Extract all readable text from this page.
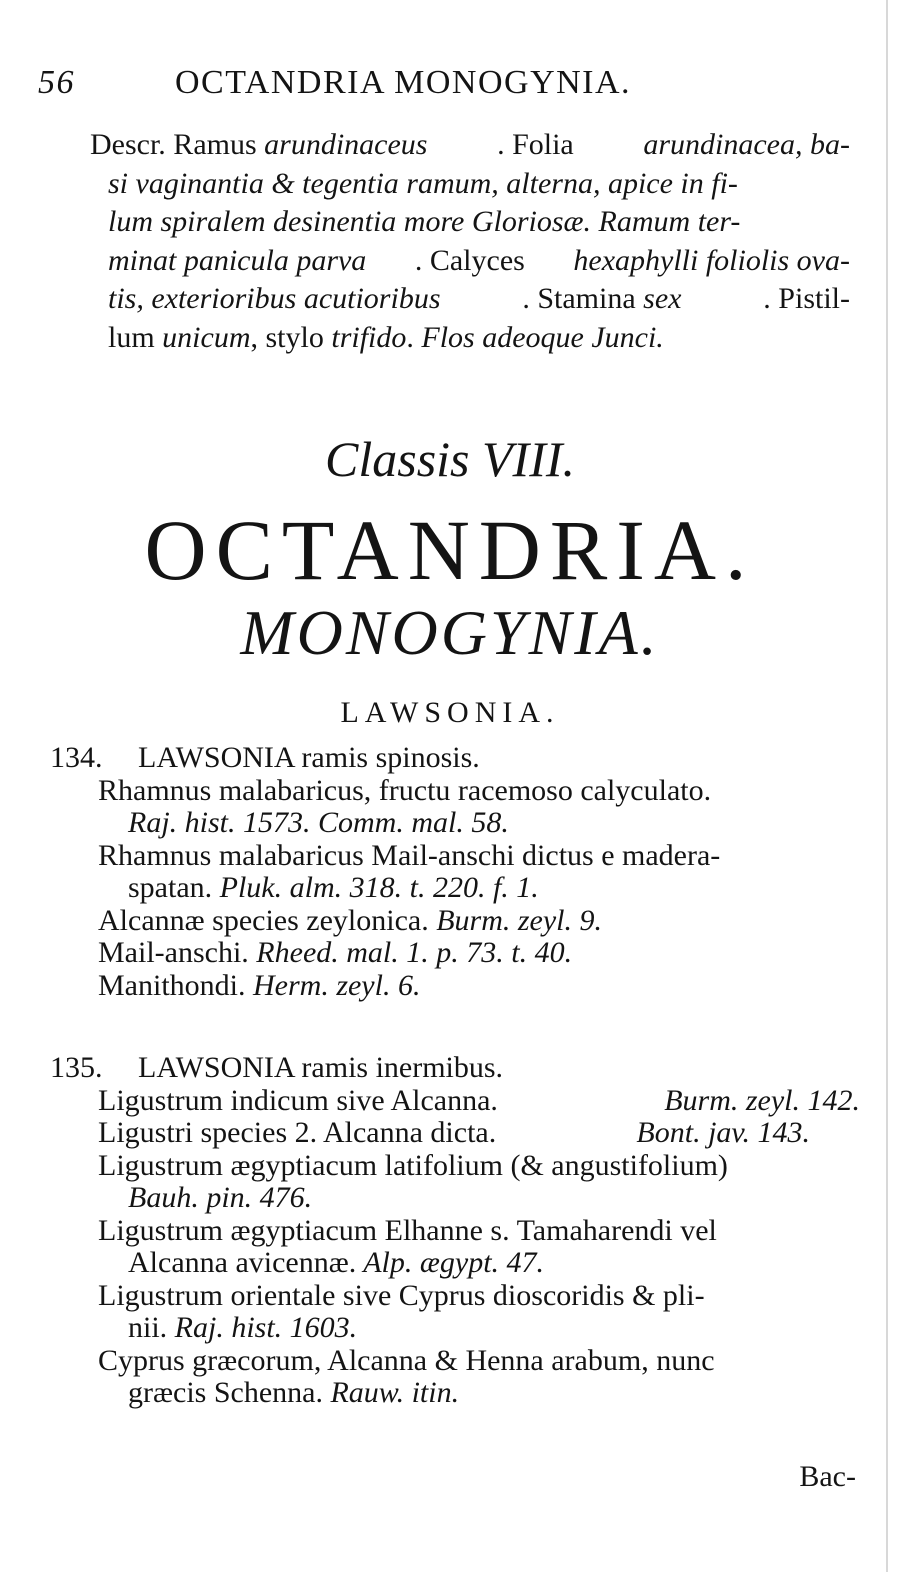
56	OCTANDRIA MONOGYNIA.
Descr. Ramus arundinaceus . Folia arundinacea, ba-
si vaginantia & tegentia ramum, alterna, apice in fi-
lum spiralem desinentia more Gloriosæ. Ramum ter-
minat panicula parva . Calyces hexaphylli foliolis ova-
tis, exterioribus acutioribus	. Stamina sex	. Pistil-
lum unicum, stylo trifido. Flos adeoque Junci.
Classis VIII.
OCTANDRIA.
MONOGYNIA.
LAWSONIA.
134. LAWSONIA ramis spinosis.
Rhamnus malabaricus, fructu racemoso calyculato.
Raj. hist. 1573. Comm. mal. 58.
Rhamnus malabaricus Mail-anschi dictus e madera-
spatan. Pluk. alm. 318. t. 220. f. 1.
Alcannæ species zeylonica. Burm. zeyl. 9.
Mail-anschi. Rheed. mal. 1. p. 73. t. 40.
Manithondi. Herm. zeyl. 6.
135. LAWSONIA ramis inermibus.
Ligustrum indicum sive Alcanna.	Burm. zeyl. 142.
Ligustri species 2. Alcanna dicta.	Bont. jav. 143.
Ligustrum ægyptiacum latifolium (& angustifolium)
Bauh. pin. 476.
Ligustrum ægyptiacum Elhanne s. Tamaharendi vel
Alcanna avicennæ. Alp. ægypt. 47.
Ligustrum orientale sive Cyprus dioscoridis & pli-
nii. Raj. hist. 1603.
Cyprus græcorum, Alcanna & Henna arabum, nunc
græcis Schenna. Rauw. itin.
Bac-
